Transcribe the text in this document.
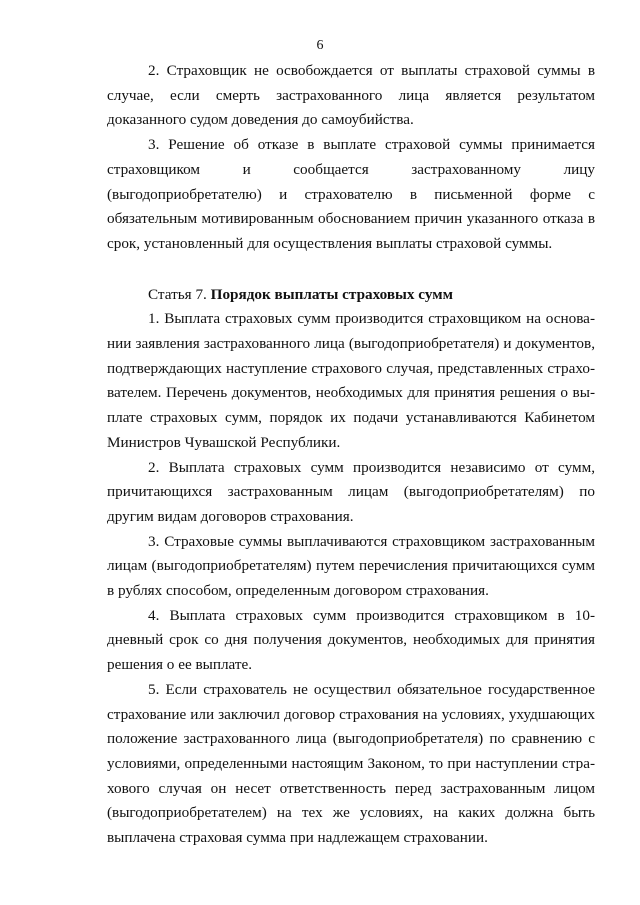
6

2. Страховщик не освобождается от выплаты страховой суммы в случае, если смерть застрахованного лица является результатом доказанного судом доведения до самоубийства.

3. Решение об отказе в выплате страховой суммы принимается страховщиком и сообщается застрахованному лицу (выгодоприобретателю) и страхователю в письменной форме с обязательным мотивированным обоснованием причин указанного отказа в срок, установленный для осуществления выплаты страховой суммы.

Статья 7. Порядок выплаты страховых сумм

1. Выплата страховых сумм производится страховщиком на основании заявления застрахованного лица (выгодоприобретателя) и документов, подтверждающих наступление страхового случая, представленных страхователем. Перечень документов, необходимых для принятия решения о выплате страховых сумм, порядок их подачи устанавливаются Кабинетом Министров Чувашской Республики.

2. Выплата страховых сумм производится независимо от сумм, причитающихся застрахованным лицам (выгодоприобретателям) по другим видам договоров страхования.

3. Страховые суммы выплачиваются страховщиком застрахованным лицам (выгодоприобретателям) путем перечисления причитающихся сумм в рублях способом, определенным договором страхования.

4. Выплата страховых сумм производится страховщиком в 10-дневный срок со дня получения документов, необходимых для принятия решения о ее выплате.

5. Если страхователь не осуществил обязательное государственное страхование или заключил договор страхования на условиях, ухудшающих положение застрахованного лица (выгодоприобретателя) по сравнению с условиями, определенными настоящим Законом, то при наступлении страхового случая он несет ответственность перед застрахованным лицом (выгодоприобретателем) на тех же условиях, на каких должна быть выплачена страховая сумма при надлежащем страховании.
